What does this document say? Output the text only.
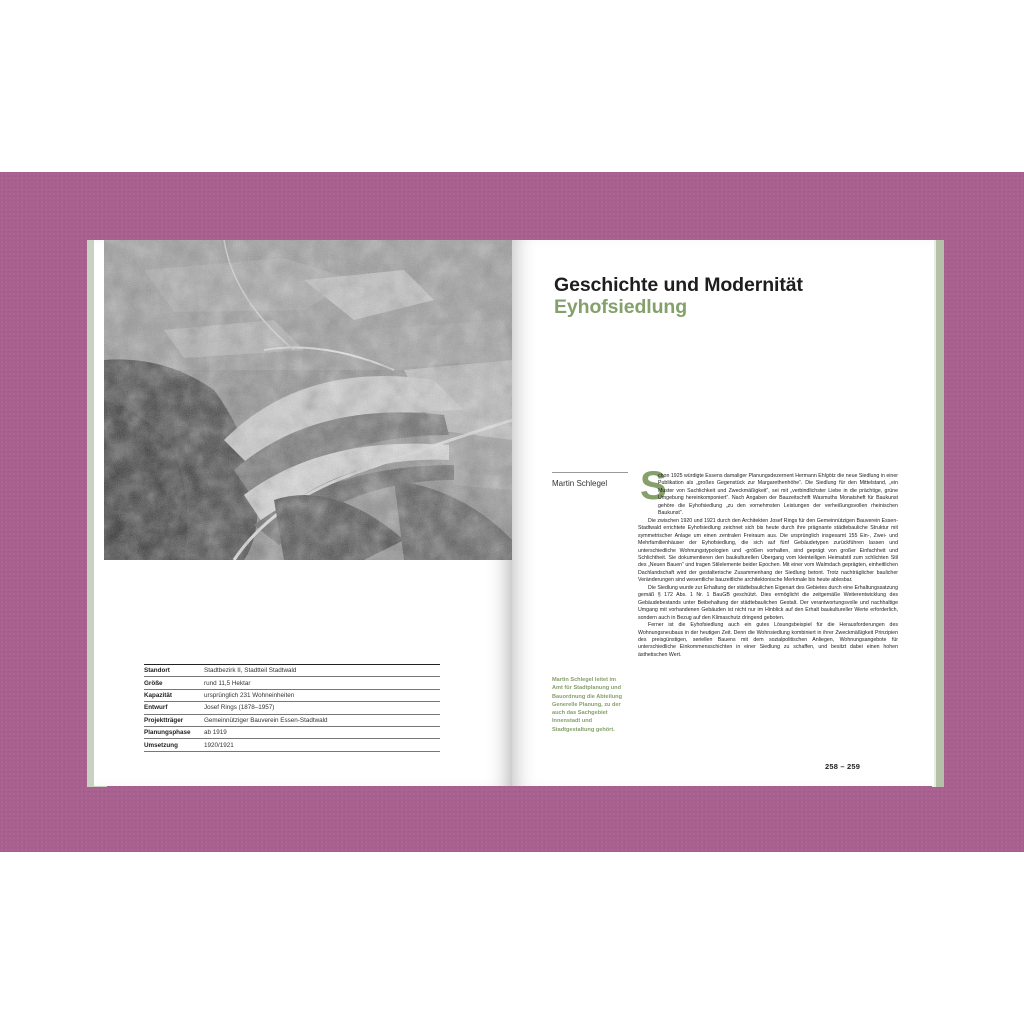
Standort	Stadtbezirk II, Stadtteil Stadtwald
Größe	rund 11,5 Hektar
Kapazität	ursprünglich 231 Wohneinheiten
Entwurf	Josef Rings (1878–1957)
Projektträger	Gemeinnütziger Bauverein Essen-Stadtwald
Planungsphase	ab 1919
Umsetzung	1920/1921
Geschichte und Modernität
Eyhofsiedlung
Martin Schlegel
Martin Schlegel leitet im Amt für Stadtplanung und Bauordnung die Abteilung Generelle Planung, zu der auch das Sachgebiet Innenstadt und Stadtgestaltung gehört.
S

chon 1925 würdigte Essens damaliger Planungsdezernent Hermann Ehlgötz die neue Siedlung in einer Publikation als „großes Gegenstück zur Margarethenhöhe“. Die Siedlung für den Mittelstand, „ein Muster von Sachlichkeit und Zweckmäßigkeit“, sei mit „verbindlichster Liebe in die prächtige, grüne Umgebung hereinkomponiert“. Nach Angaben der Bauzeitschrift Wasmuths Monatsheft für Baukunst gehöre die Eyhofsiedlung „zu den vornehmsten Leistungen der verheißungsvollen rheinischen Baukunst“.

Die zwischen 1920 und 1921 durch den Architekten Josef Rings für den Gemeinnützigen Bauverein Essen-Stadtwald errichtete Eyhofsiedlung zeichnet sich bis heute durch ihre prägnante städtebauliche Struktur mit symmetrischer Anlage um einen zentralen Freiraum aus. Die ursprünglich insgesamt 155 Ein-, Zwei- und Mehrfamilienhäuser der Eyhofsiedlung, die sich auf fünf Gebäudetypen zurückführen lassen und unterschiedliche Wohnungstypologien und -größen vorhalten, sind geprägt von großer Einfachheit und Schlichtheit. Sie dokumentieren den baukulturellen Übergang vom kleinteiligen Heimatstil zum schlichten Stil des „Neuen Bauen“ und tragen Stilelemente beider Epochen. Mit einer vom Walmdach geprägten, einheitlichen Dachlandschaft wird der gestalterische Zusammenhang der Siedlung betont. Trotz nachträglicher baulicher Veränderungen sind wesentliche bauzeitliche architektonische Merkmale bis heute ablesbar.

Die Siedlung wurde zur Erhaltung der städtebaulichen Eigenart des Gebietes durch eine Erhaltungssatzung gemäß § 172 Abs. 1 Nr. 1 BauGB geschützt. Dies ermöglicht die zeitgemäße Weiterentwicklung des Gebäudebestands unter Beibehaltung der städtebaulichen Gestalt. Der verantwortungsvolle und nachhaltige Umgang mit vorhandenen Gebäuden ist nicht nur im Hinblick auf den Erhalt baukultureller Werte erforderlich, sondern auch in Bezug auf den Klimaschutz dringend geboten.

Ferner ist die Eyhofsiedlung auch ein gutes Lösungsbeispiel für die Herausforderungen des Wohnungsneubaus in der heutigen Zeit. Denn die Wohnsiedlung kombiniert in ihrer Zweckmäßigkeit Prinzipien des preisgünstigen, seriellen Bauens mit dem sozialpolitischen Anliegen, Wohnungsangebote für unterschiedliche Einkommensschichten in einer Siedlung zu schaffen, und besitzt dabei einen hohen ästhetischen Wert.

258 – 259
